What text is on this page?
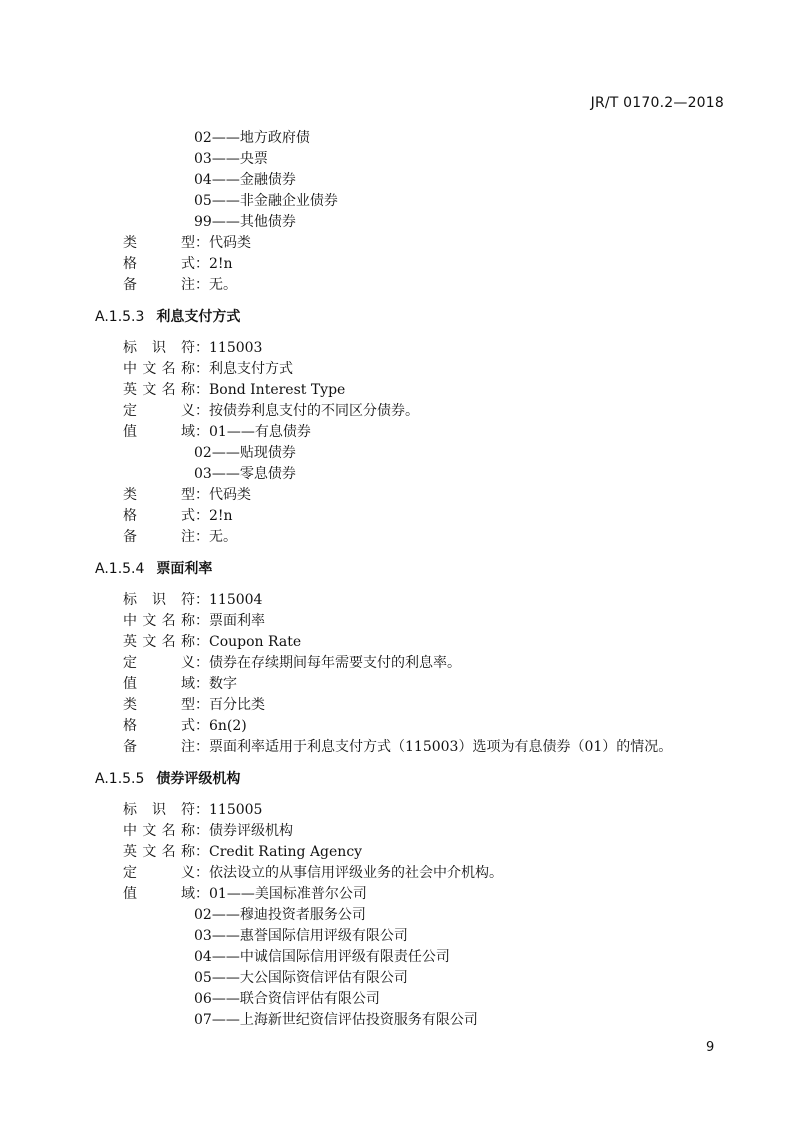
JR/T 0170.2—2018
02——地方政府债
03——央票
04——金融债券
05——非金融企业债券
99——其他债券
类型：代码类
格式：2!n
备注：无。
A.1.5.3 利息支付方式
标识符：115003
中文名称：利息支付方式
英文名称：Bond Interest Type
定义：按债券利息支付的不同区分债券。
值域：01——有息债券
02——贴现债券
03——零息债券
类型：代码类
格式：2!n
备注：无。
A.1.5.4 票面利率
标识符：115004
中文名称：票面利率
英文名称：Coupon Rate
定义：债券在存续期间每年需要支付的利息率。
值域：数字
类型：百分比类
格式：6n(2)
备注：票面利率适用于利息支付方式（115003）选项为有息债券（01）的情况。
A.1.5.5 债券评级机构
标识符：115005
中文名称：债券评级机构
英文名称：Credit Rating Agency
定义：依法设立的从事信用评级业务的社会中介机构。
值域：01——美国标准普尔公司
02——穆迪投资者服务公司
03——惠誉国际信用评级有限公司
04——中诚信国际信用评级有限责任公司
05——大公国际资信评估有限公司
06——联合资信评估有限公司
07——上海新世纪资信评估投资服务有限公司
9
